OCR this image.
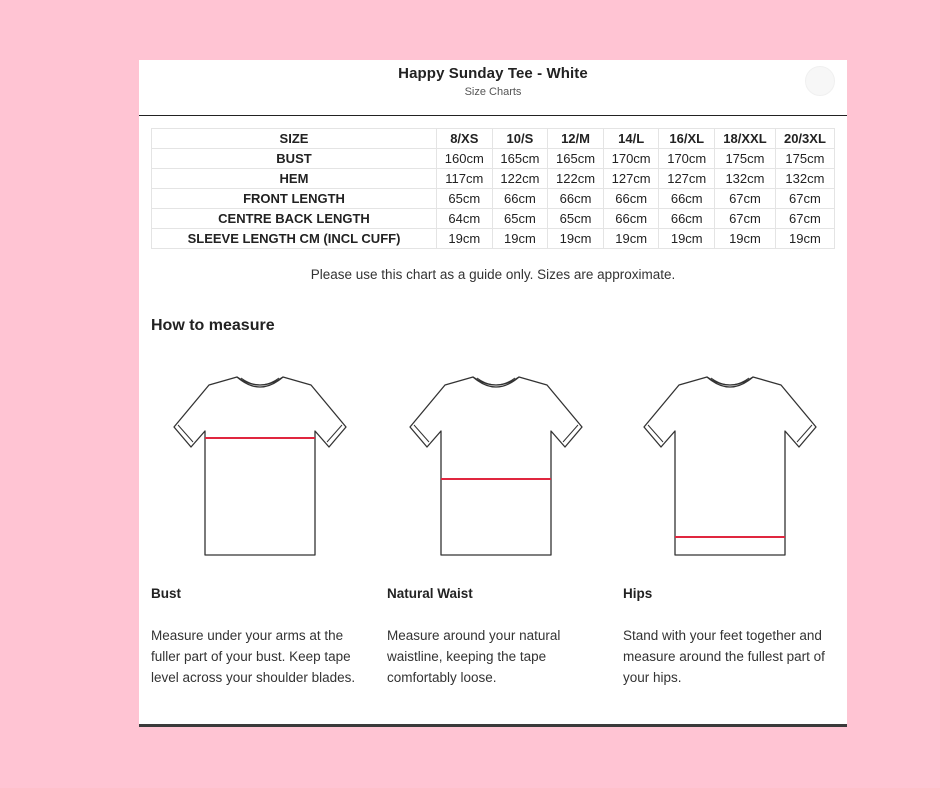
Happy Sunday Tee - White
Size Charts
SIZE	8/XS	10/S	12/M	14/L	16/XL	18/XXL	20/3XL
BUST	160cm	165cm	165cm	170cm	170cm	175cm	175cm
HEM	117cm	122cm	122cm	127cm	127cm	132cm	132cm
FRONT LENGTH	65cm	66cm	66cm	66cm	66cm	67cm	67cm
CENTRE BACK LENGTH	64cm	65cm	65cm	66cm	66cm	67cm	67cm
SLEEVE LENGTH CM (INCL CUFF)	19cm	19cm	19cm	19cm	19cm	19cm	19cm
Please use this chart as a guide only. Sizes are approximate.
How to measure
Bust	Natural Waist	Hips
Measure under your arms at the fuller part of your bust. Keep tape level across your shoulder blades.
Measure around your natural waistline, keeping the tape comfortably loose.
Stand with your feet together and measure around the fullest part of your hips.
